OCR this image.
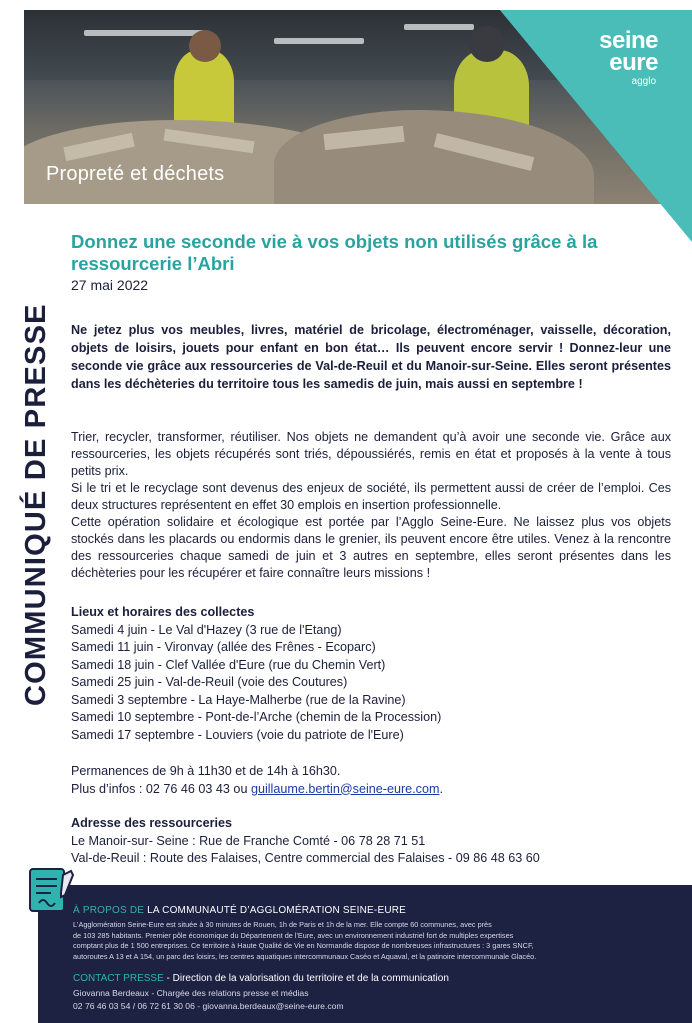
seine
eure
agglo
Propreté et déchets
COMMUNIQUÉ DE PRESSE
Donnez une seconde vie à vos objets non utilisés grâce à la ressourcerie l’Abri
27 mai 2022
Ne jetez plus vos meubles, livres, matériel de bricolage, électroménager, vaisselle, décoration, objets de loisirs, jouets pour enfant en bon état… Ils peuvent encore servir ! Donnez-leur une seconde vie grâce aux ressourceries de Val-de-Reuil et du Manoir-sur-Seine. Elles seront présentes dans les déchèteries du territoire tous les samedis de juin, mais aussi en septembre !

Trier, recycler, transformer, réutiliser. Nos objets ne demandent qu’à avoir une seconde vie. Grâce aux ressourceries, les objets récupérés sont triés, dépoussiérés, remis en état et proposés à la vente à tous petits prix.

Si le tri et le recyclage sont devenus des enjeux de société, ils permettent aussi de créer de l’emploi. Ces deux structures représentent en effet 30 emplois en insertion professionnelle.

Cette opération solidaire et écologique est portée par l’Agglo Seine-Eure. Ne laissez plus vos objets stockés dans les placards ou endormis dans le grenier, ils peuvent encore être utiles. Venez à la rencontre des ressourceries chaque samedi de juin et 3 autres en septembre, elles seront présentes dans les déchèteries pour les récupérer et faire connaître leurs missions !

Lieux et horaires des collectes
Samedi 4 juin - Le Val d'Hazey (3 rue de l'Etang)
Samedi 11 juin - Vironvay (allée des Frênes - Ecoparc)
Samedi 18 juin - Clef Vallée d'Eure (rue du Chemin Vert)
Samedi 25 juin - Val-de-Reuil (voie des Coutures)
Samedi 3 septembre - La Haye-Malherbe (rue de la Ravine)
Samedi 10 septembre - Pont-de-l’Arche (chemin de la Procession)
Samedi 17 septembre - Louviers (voie du patriote de l'Eure)
Permanences de 9h à 11h30 et de 14h à 16h30.
Plus d’infos : 02 76 46 03 43 ou guillaume.bertin@seine-eure.com.
Adresse des ressourceries
Le Manoir-sur- Seine : Rue de Franche Comté - 06 78 28 71 51
Val-de-Reuil : Route des Falaises, Centre commercial des Falaises - 09 86 48 63 60
À PROPOS DE LA COMMUNAUTÉ D’AGGLOMÉRATION SEINE-EURE
L'Agglomération Seine-Eure est située à 30 minutes de Rouen, 1h de Paris et 1h de la mer. Elle compte 60 communes, avec près
de 103 285 habitants. Premier pôle économique du Département de l'Eure, avec un environnement industriel fort de multiples expertises
comptant plus de 1 500 entreprises. Ce territoire à Haute Qualité de Vie en Normandie dispose de nombreuses infrastructures : 3 gares SNCF,
autoroutes A 13 et A 154, un parc des loisirs, les centres aquatiques intercommunaux Caséo et Aquaval, et la patinoire intercommunale Glacéo.
CONTACT PRESSE - Direction de la valorisation du territoire et de la communication
Giovanna Berdeaux - Chargée des relations presse et médias
02 76 46 03 54 / 06 72 61 30 06 - giovanna.berdeaux@seine-eure.com
